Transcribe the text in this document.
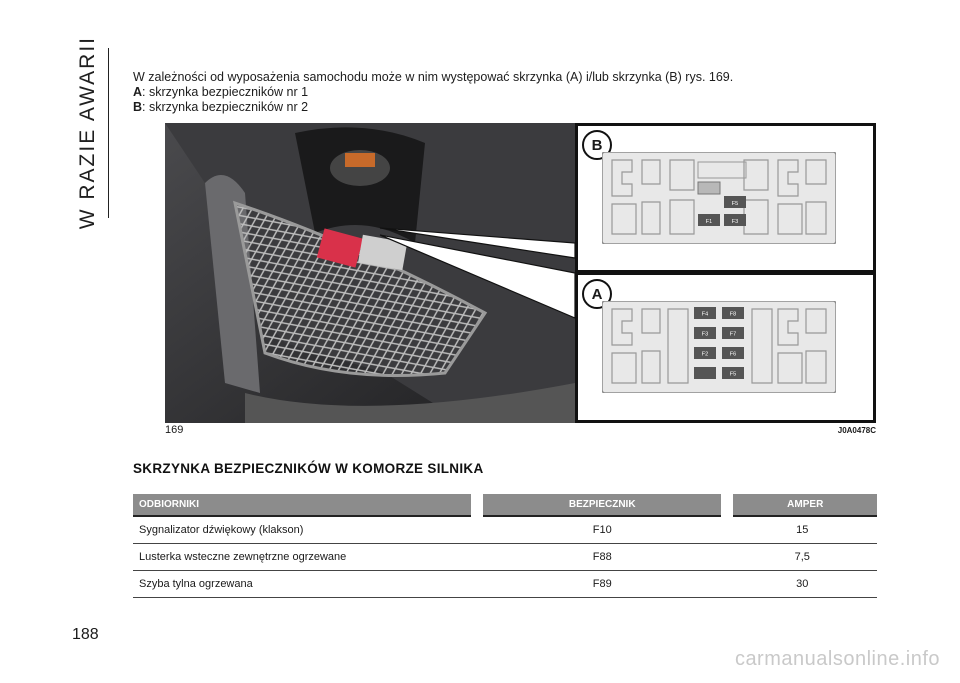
W RAZIE AWARII	W zależności od wyposażenia samochodu może w nim występować skrzynka (A) i/lub skrzynka (B) rys. 169.

A: skrzynka bezpieczników nr 1

B: skrzynka bezpieczników nr 2

B
F5
F1	F3
A
F4	F8
F3	F7
F2	F6
F5
169	J0A0478C
SKRZYNKA BEZPIECZNIKÓW W KOMORZE SILNIKA
ODBIORNIKI	BEZPIECZNIK	AMPER
Sygnalizator dźwiękowy (klakson)	F10	15
Lusterka wsteczne zewnętrzne ogrzewane	F88	7,5
Szyba tylna ogrzewana	F89	30
188
carmanualsonline.info
